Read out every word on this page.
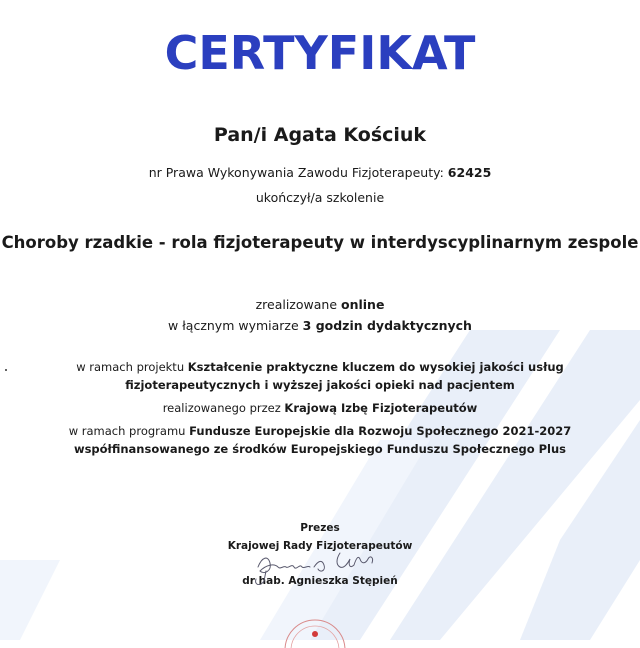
CERTYFIKAT
Pan/i Agata Kościuk
nr Prawa Wykonywania Zawodu Fizjoterapeuty: 62425
ukończył/a szkolenie
Choroby rzadkie - rola fizjoterapeuty w interdyscyplinarnym zespole
zrealizowane online
w łącznym wymiarze 3 godzin dydaktycznych
w ramach projektu Kształcenie praktyczne kluczem do wysokiej jakości usług
fizjoterapeutycznych i wyższej jakości opieki nad pacjentem
realizowanego przez Krajową Izbę Fizjoterapeutów
w ramach programu Fundusze Europejskie dla Rozwoju Społecznego 2021-2027
współfinansowanego ze środków Europejskiego Funduszu Społecznego Plus
Prezes
Krajowej Rady Fizjoterapeutów
dr hab. Agnieszka Stępień
